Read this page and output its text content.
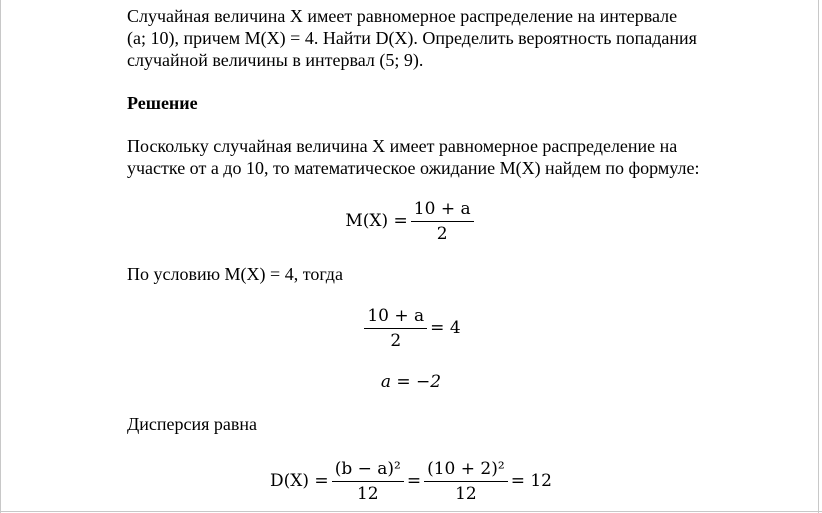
Случайная величина X имеет равномерное распределение на интервале
(a; 10), причем M(X) = 4. Найти D(X). Определить вероятность попадания
случайной величины в интервал (5; 9).
Решение
Поскольку случайная величина X имеет равномерное распределение на
участке от a до 10, то математическое ожидание M(X) найдем по формуле:
$M(X) = \frac{10 + a}{2}$
По условию M(X) = 4, тогда
$\frac{10 + a}{2} = 4$
a = −2
Дисперсия равна
$D(X) = \frac{\text{(b − a)²}}{12} = \frac{\text{(10 + 2)²}}{12} = 12$
